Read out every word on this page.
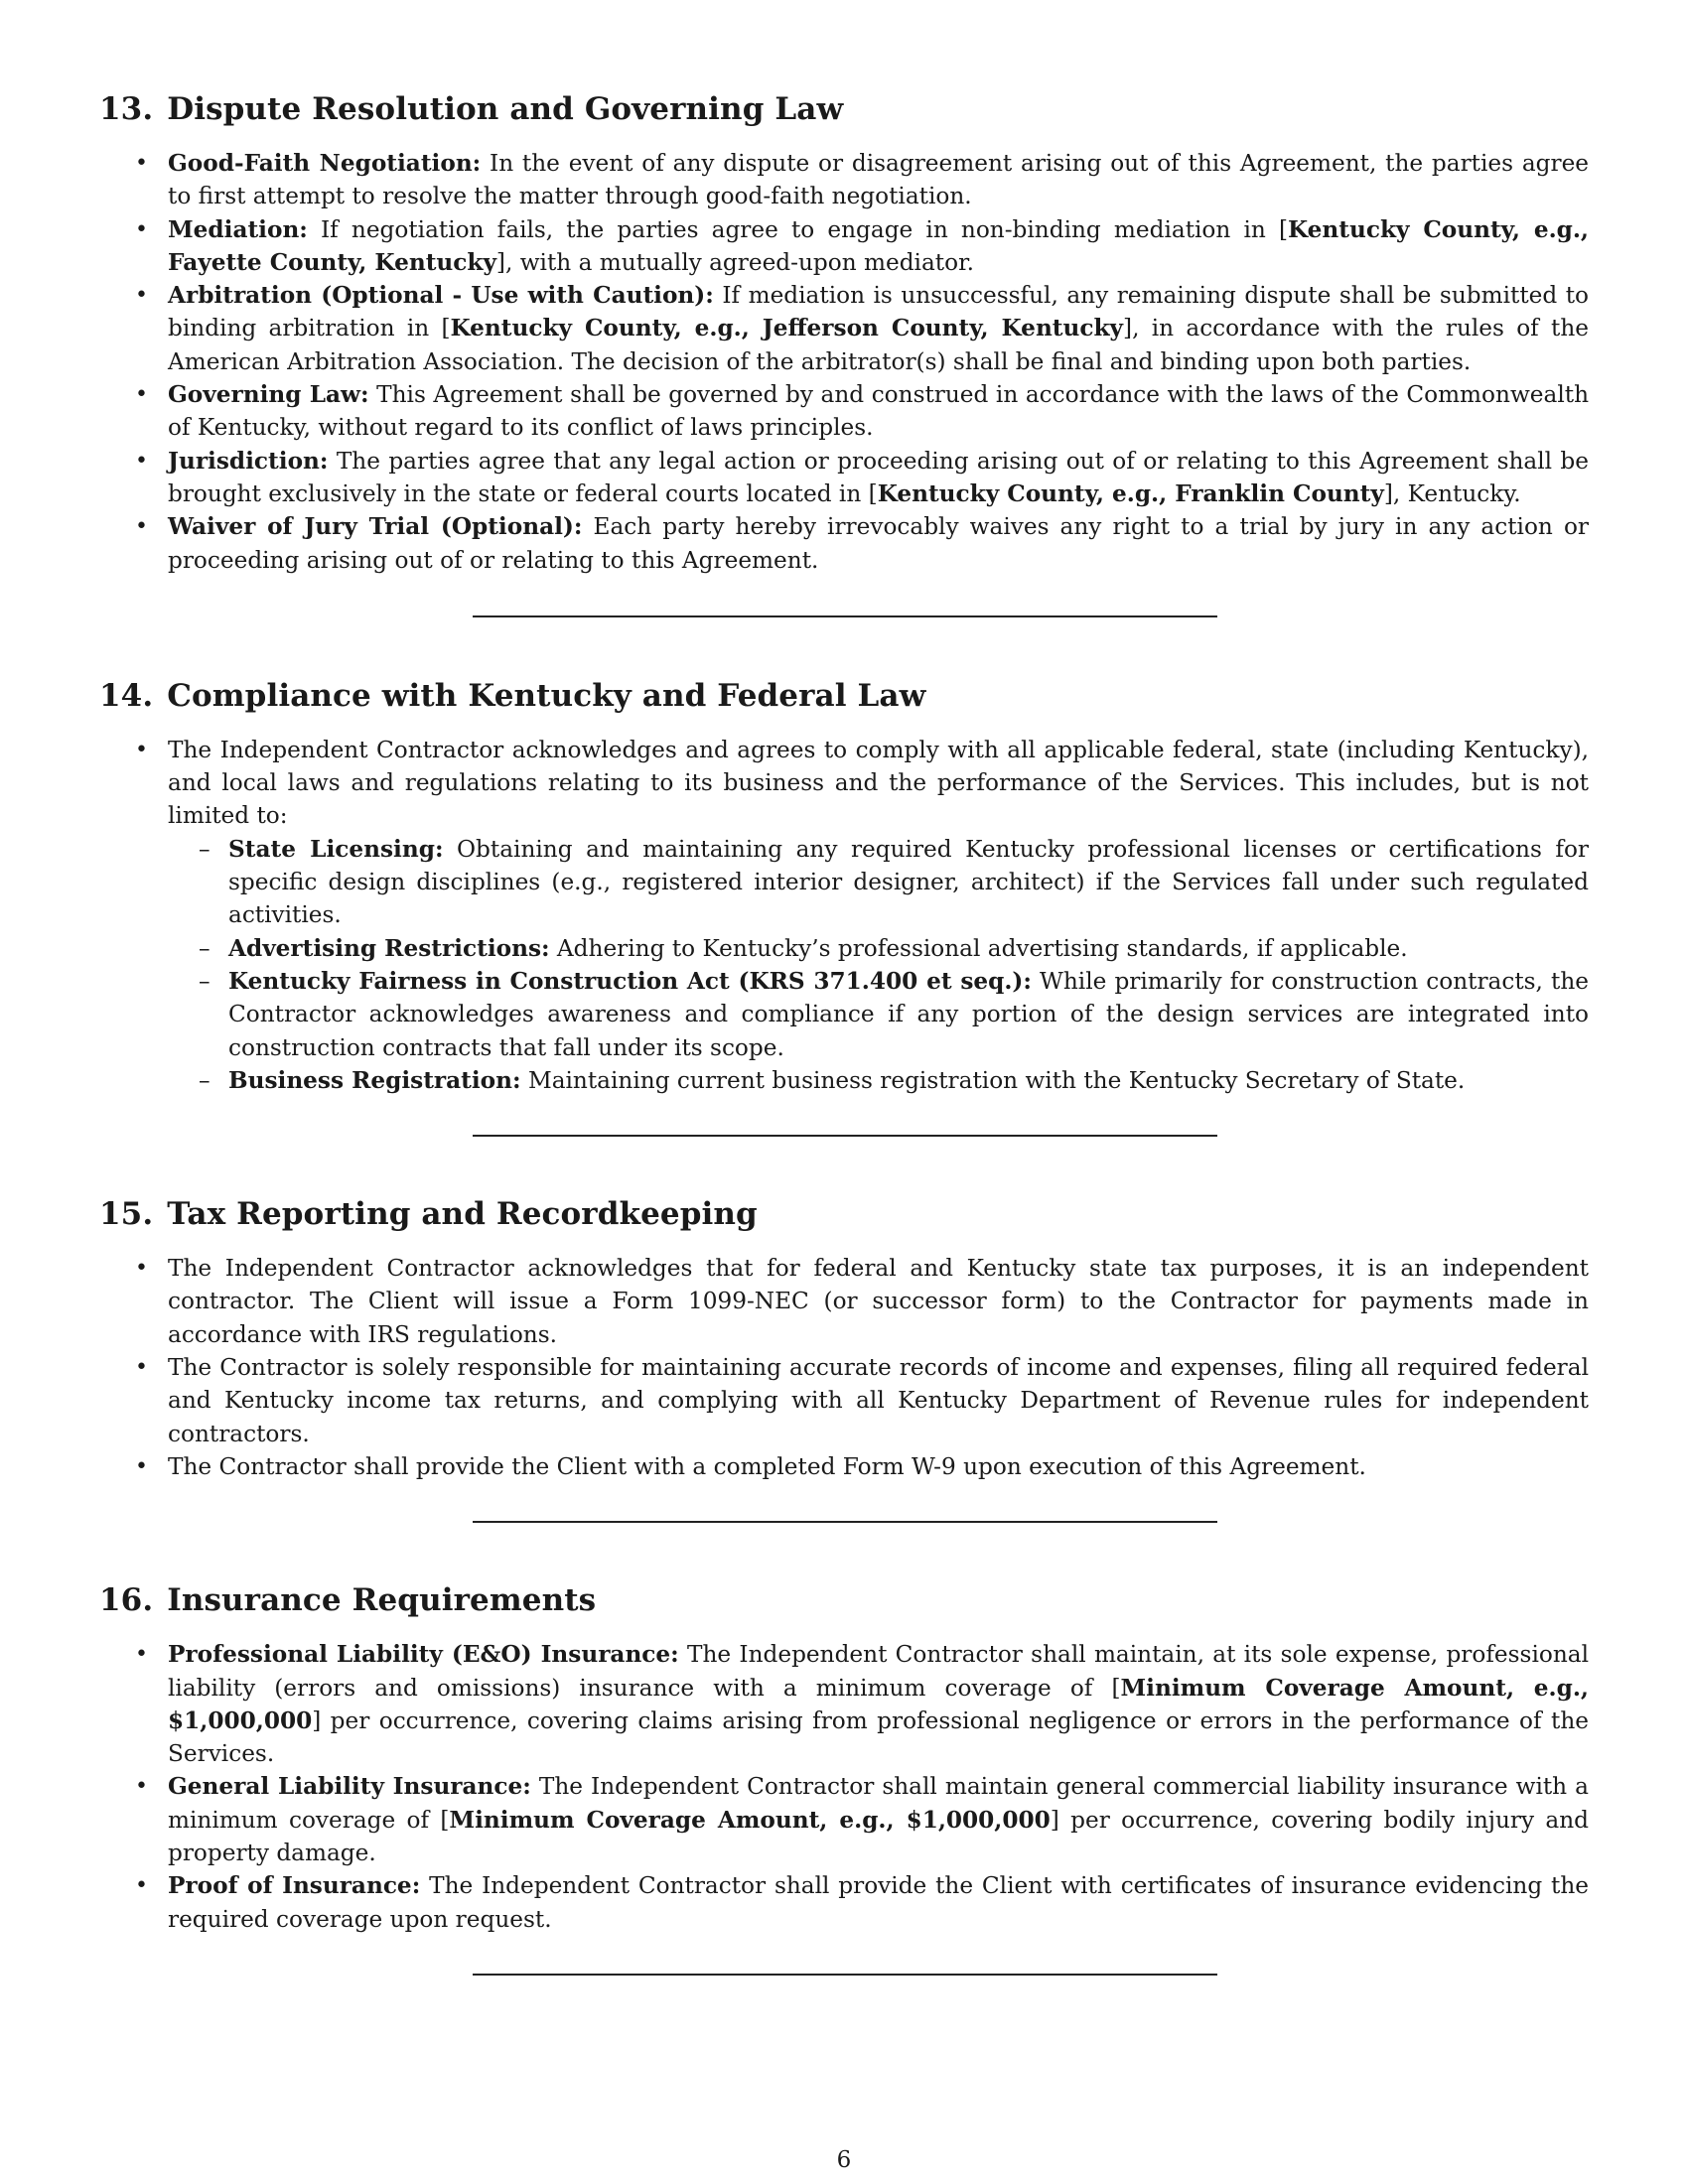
13. Dispute Resolution and Governing Law
• Good-Faith Negotiation: In the event of any dispute or disagreement arising out of this Agreement, the parties agree to first attempt to resolve the matter through good-faith negotiation.
• Mediation: If negotiation fails, the parties agree to engage in non-binding mediation in [Kentucky County, e.g., Fayette County, Kentucky], with a mutually agreed-upon mediator.
• Arbitration (Optional - Use with Caution): If mediation is unsuccessful, any remaining dispute shall be submitted to binding arbitration in [Kentucky County, e.g., Jefferson County, Kentucky], in accordance with the rules of the American Arbitration Association. The decision of the arbitrator(s) shall be final and binding upon both parties.
• Governing Law: This Agreement shall be governed by and construed in accordance with the laws of the Commonwealth of Kentucky, without regard to its conflict of laws principles.
• Jurisdiction: The parties agree that any legal action or proceeding arising out of or relating to this Agreement shall be brought exclusively in the state or federal courts located in [Kentucky County, e.g., Franklin County], Kentucky.
• Waiver of Jury Trial (Optional): Each party hereby irrevocably waives any right to a trial by jury in any action or proceeding arising out of or relating to this Agreement.
14. Compliance with Kentucky and Federal Law
• The Independent Contractor acknowledges and agrees to comply with all applicable federal, state (including Kentucky), and local laws and regulations relating to its business and the performance of the Services. This includes, but is not limited to:
– State Licensing: Obtaining and maintaining any required Kentucky professional licenses or certifications for specific design disciplines (e.g., registered interior designer, architect) if the Services fall under such regulated activities.
– Advertising Restrictions: Adhering to Kentucky’s professional advertising standards, if applicable.
– Kentucky Fairness in Construction Act (KRS 371.400 et seq.): While primarily for construction contracts, the Contractor acknowledges awareness and compliance if any portion of the design services are integrated into construction contracts that fall under its scope.
– Business Registration: Maintaining current business registration with the Kentucky Secretary of State.
15. Tax Reporting and Recordkeeping
• The Independent Contractor acknowledges that for federal and Kentucky state tax purposes, it is an independent contractor. The Client will issue a Form 1099-NEC (or successor form) to the Contractor for payments made in accordance with IRS regulations.
• The Contractor is solely responsible for maintaining accurate records of income and expenses, filing all required federal and Kentucky income tax returns, and complying with all Kentucky Department of Revenue rules for independent contractors.
• The Contractor shall provide the Client with a completed Form W-9 upon execution of this Agreement.
16. Insurance Requirements
• Professional Liability (E&O) Insurance: The Independent Contractor shall maintain, at its sole expense, professional liability (errors and omissions) insurance with a minimum coverage of [Minimum Coverage Amount, e.g., $1,000,000] per occurrence, covering claims arising from professional negligence or errors in the performance of the Services.
• General Liability Insurance: The Independent Contractor shall maintain general commercial liability insurance with a minimum coverage of [Minimum Coverage Amount, e.g., $1,000,000] per occurrence, covering bodily injury and property damage.
• Proof of Insurance: The Independent Contractor shall provide the Client with certificates of insurance evidencing the required coverage upon request.
6
